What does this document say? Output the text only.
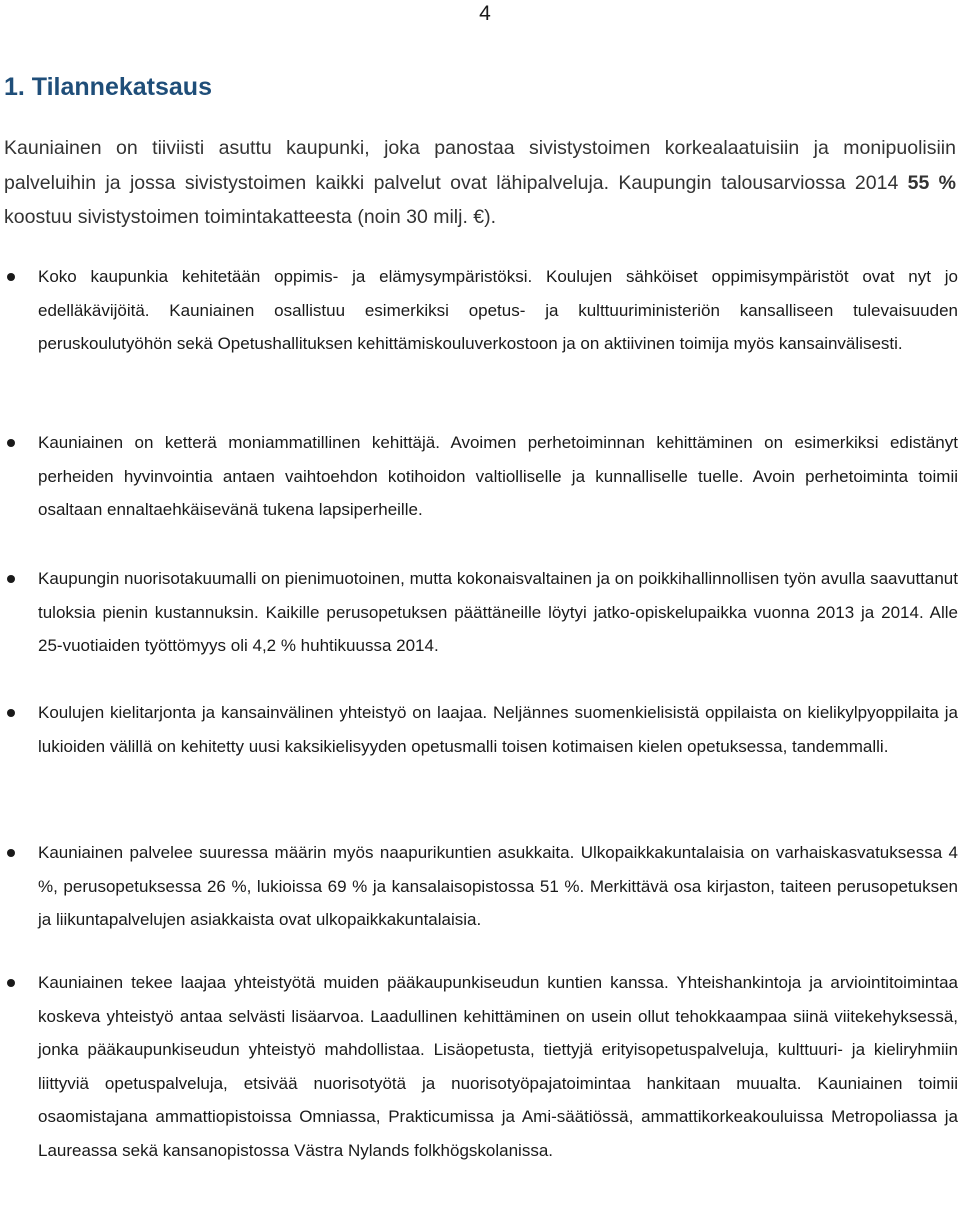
4
1. Tilannekatsaus

Kauniainen on tiiviisti asuttu kaupunki, joka panostaa sivistystoimen korkealaatuisiin ja monipuolisiin palveluihin ja jossa sivistystoimen kaikki palvelut ovat lähipalveluja. Kaupungin talousarviossa 2014 55 % koostuu sivistystoimen toimintakatteesta (noin 30 milj. €).

Koko kaupunkia kehitetään oppimis- ja elämysympäristöksi. Koulujen sähköiset oppimisympäristöt ovat nyt jo edelläkävijöitä. Kauniainen osallistuu esimerkiksi opetus- ja kulttuuriministeriön kansalliseen tulevaisuuden peruskoulutyöhön sekä Opetushallituksen kehittämiskouluverkostoon ja on aktiivinen toimija myös kansainvälisesti.

Kauniainen on ketterä moniammatillinen kehittäjä. Avoimen perhetoiminnan kehittäminen on esimerkiksi edistänyt perheiden hyvinvointia antaen vaihtoehdon kotihoidon valtiolliselle ja kunnalliselle tuelle. Avoin perhetoiminta toimii osaltaan ennaltaehkäisevänä tukena lapsiperheille.

Kaupungin nuorisotakuumalli on pienimuotoinen, mutta kokonaisvaltainen ja on poikkihallinnollisen työn avulla saavuttanut tuloksia pienin kustannuksin. Kaikille perusopetuksen päättäneille löytyi jatko-opiskelupaikka vuonna 2013 ja 2014. Alle 25-vuotiaiden työttömyys oli 4,2 % huhtikuussa 2014.

Koulujen kielitarjonta ja kansainvälinen yhteistyö on laajaa. Neljännes suomenkielisistä oppilaista on kielikylpyoppilaita ja lukioiden välillä on kehitetty uusi kaksikielisyyden opetusmalli toisen kotimaisen kielen opetuksessa, tandemmalli.

Kauniainen palvelee suuressa määrin myös naapurikuntien asukkaita. Ulkopaikkakuntalaisia on varhaiskasvatuksessa 4 %, perusopetuksessa 26 %, lukioissa 69 % ja kansalaisopistossa 51 %. Merkittävä osa kirjaston, taiteen perusopetuksen ja liikuntapalvelujen asiakkaista ovat ulkopaikkakuntalaisia.

Kauniainen tekee laajaa yhteistyötä muiden pääkaupunkiseudun kuntien kanssa. Yhteishankintoja ja arviointitoimintaa koskeva yhteistyö antaa selvästi lisäarvoa. Laadullinen kehittäminen on usein ollut tehokkaampaa siinä viitekehyksessä, jonka pääkaupunkiseudun yhteistyö mahdollistaa. Lisäopetusta, tiettyjä erityisopetuspalveluja, kulttuuri- ja kieliryhmiin liittyviä opetuspalveluja, etsivää nuorisotyötä ja nuorisotyöpajatoimintaa hankitaan muualta. Kauniainen toimii osaomistajana ammattiopistoissa Omniassa, Prakticumissa ja Ami-säätiössä, ammattikorkeakouluissa Metropoliassa ja Laureassa sekä kansanopistossa Västra Nylands folkhögskolanissa.
